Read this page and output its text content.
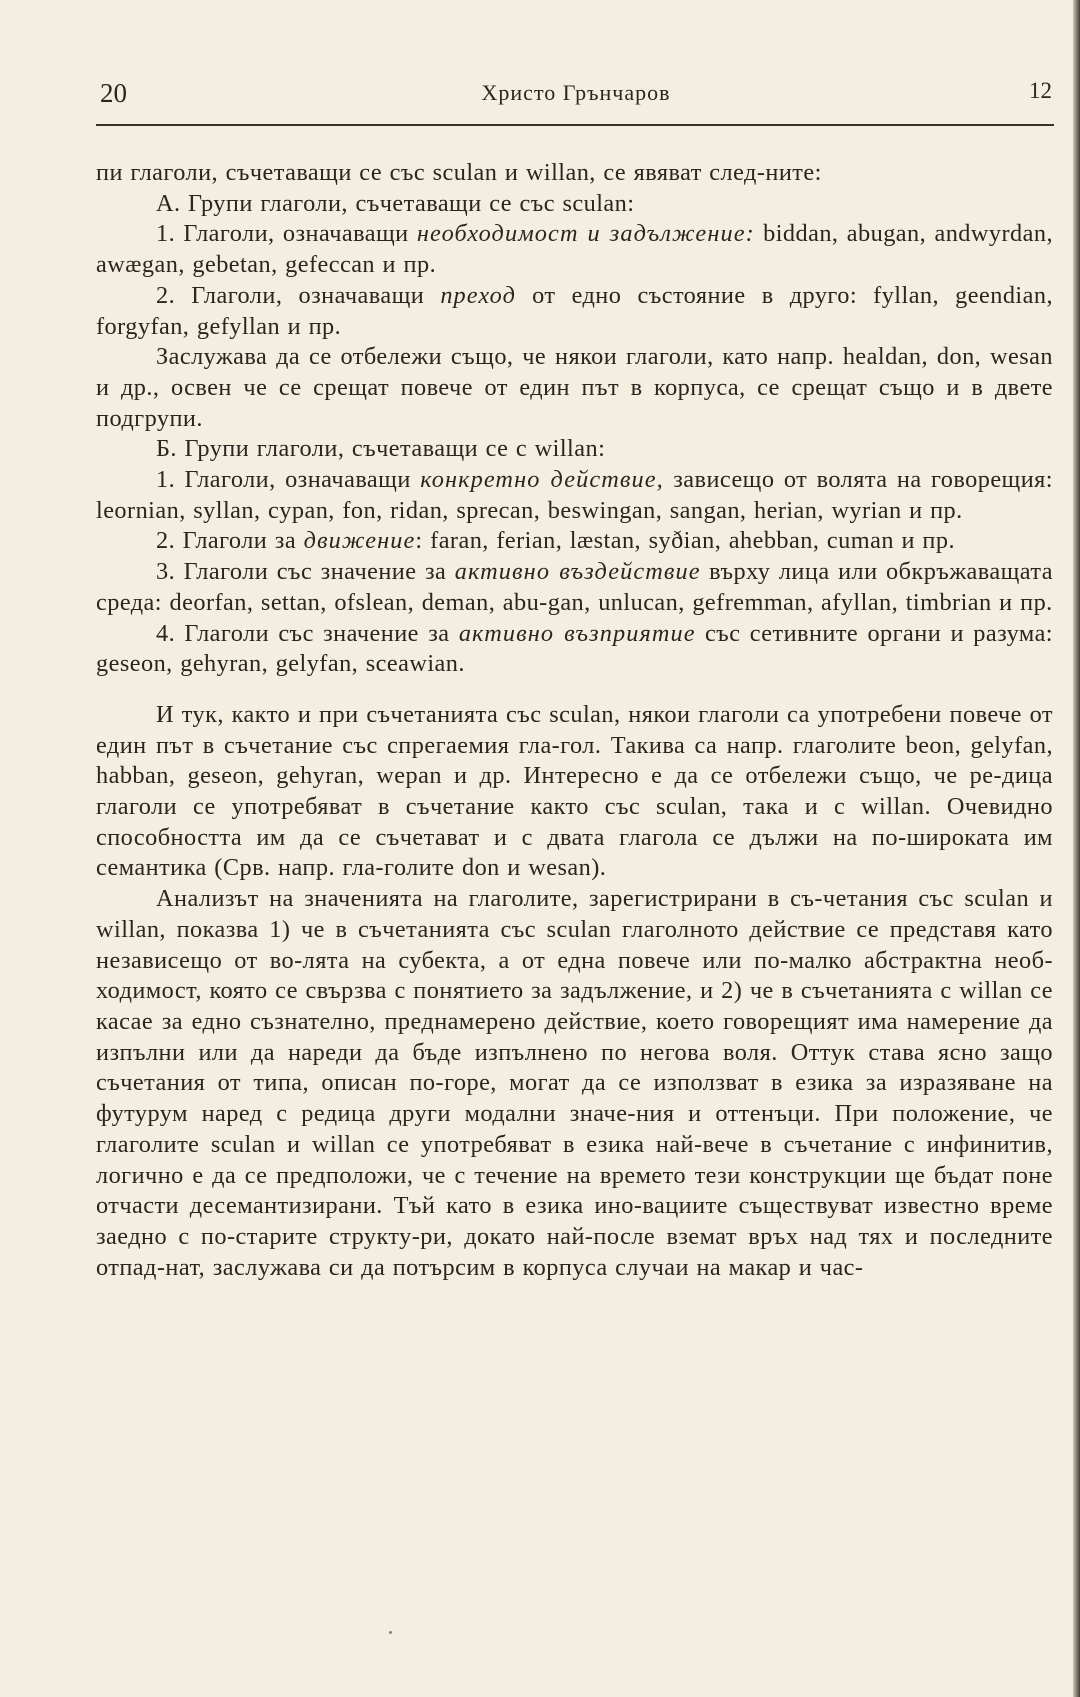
20	Христо Грънчаров	12

пи глаголи, съчетаващи се със sculan и willan, се явяват след-ните:

А. Групи глаголи, съчетаващи се със sculan:

1. Глаголи, означаващи необходимост и задължение: biddan, abugan, andwyrdan, awægan, gebetan, gefeccan и пр.

2. Глаголи, означаващи преход от едно състояние в друго: fyllan, geendian, forgyfan, gefyllan и пр.

Заслужава да се отбележи също, че някои глаголи, като напр. healdan, don, wesan и др., освен че се срещат повече от един път в корпуса, се срещат също и в двете подгрупи.

Б. Групи глаголи, съчетаващи се с willan:

1. Глаголи, означаващи конкретно действие, зависещо от волята на говорещия: leornian, syllan, cypan, fon, ridan, sprecan, beswingan, sangan, herian, wyrian и пр.

2. Глаголи за движение: faran, ferian, læstan, syðian, ahebban, cuman и пр.

3. Глаголи със значение за активно въздействие върху лица или обкръжаващата среда: deorfan, settan, ofslean, deman, abu-gan, unlucan, gefremman, afyllan, timbrian и пр.

4. Глаголи със значение за активно възприятие със сетивните органи и разума: geseon, gehyran, gelyfan, sceawian.

И тук, както и при съчетанията със sculan, някои глаголи са употребени повече от един път в съчетание със спрегаемия гла-гол. Такива са напр. глаголите beon, gelyfan, habban, geseon, gehyran, wepan и др. Интересно е да се отбележи също, че ре-дица глаголи се употребяват в съчетание както със sculan, така и с willan. Очевидно способността им да се съчетават и с двата глагола се дължи на по-широката им семантика (Срв. напр. гла-голите don и wesan).

Анализът на значенията на глаголите, зарегистрирани в съ-четания със sculan и willan, показва 1) че в съчетанията със sculan глаголното действие се представя като независещо от во-лята на субекта, а от една повече или по-малко абстрактна необ-ходимост, която се свързва с понятието за задължение, и 2) че в съчетанията с willan се касае за едно съзнателно, преднамерено действие, което говорещият има намерение да изпълни или да нареди да бъде изпълнено по негова воля. Оттук става ясно защо съчетания от типа, описан по-горе, могат да се използват в езика за изразяване на футурум наред с редица други модални значе-ния и оттенъци. При положение, че глаголите sculan и willan се употребяват в езика най-вече в съчетание с инфинитив, логично е да се предположи, че с течение на времето тези конструкции ще бъдат поне отчасти десемантизирани. Тъй като в езика ино-вациите съществуват известно време заедно с по-старите структу-ри, докато най-после вземат връх над тях и последните отпад-нат, заслужава си да потърсим в корпуса случаи на макар и час-
